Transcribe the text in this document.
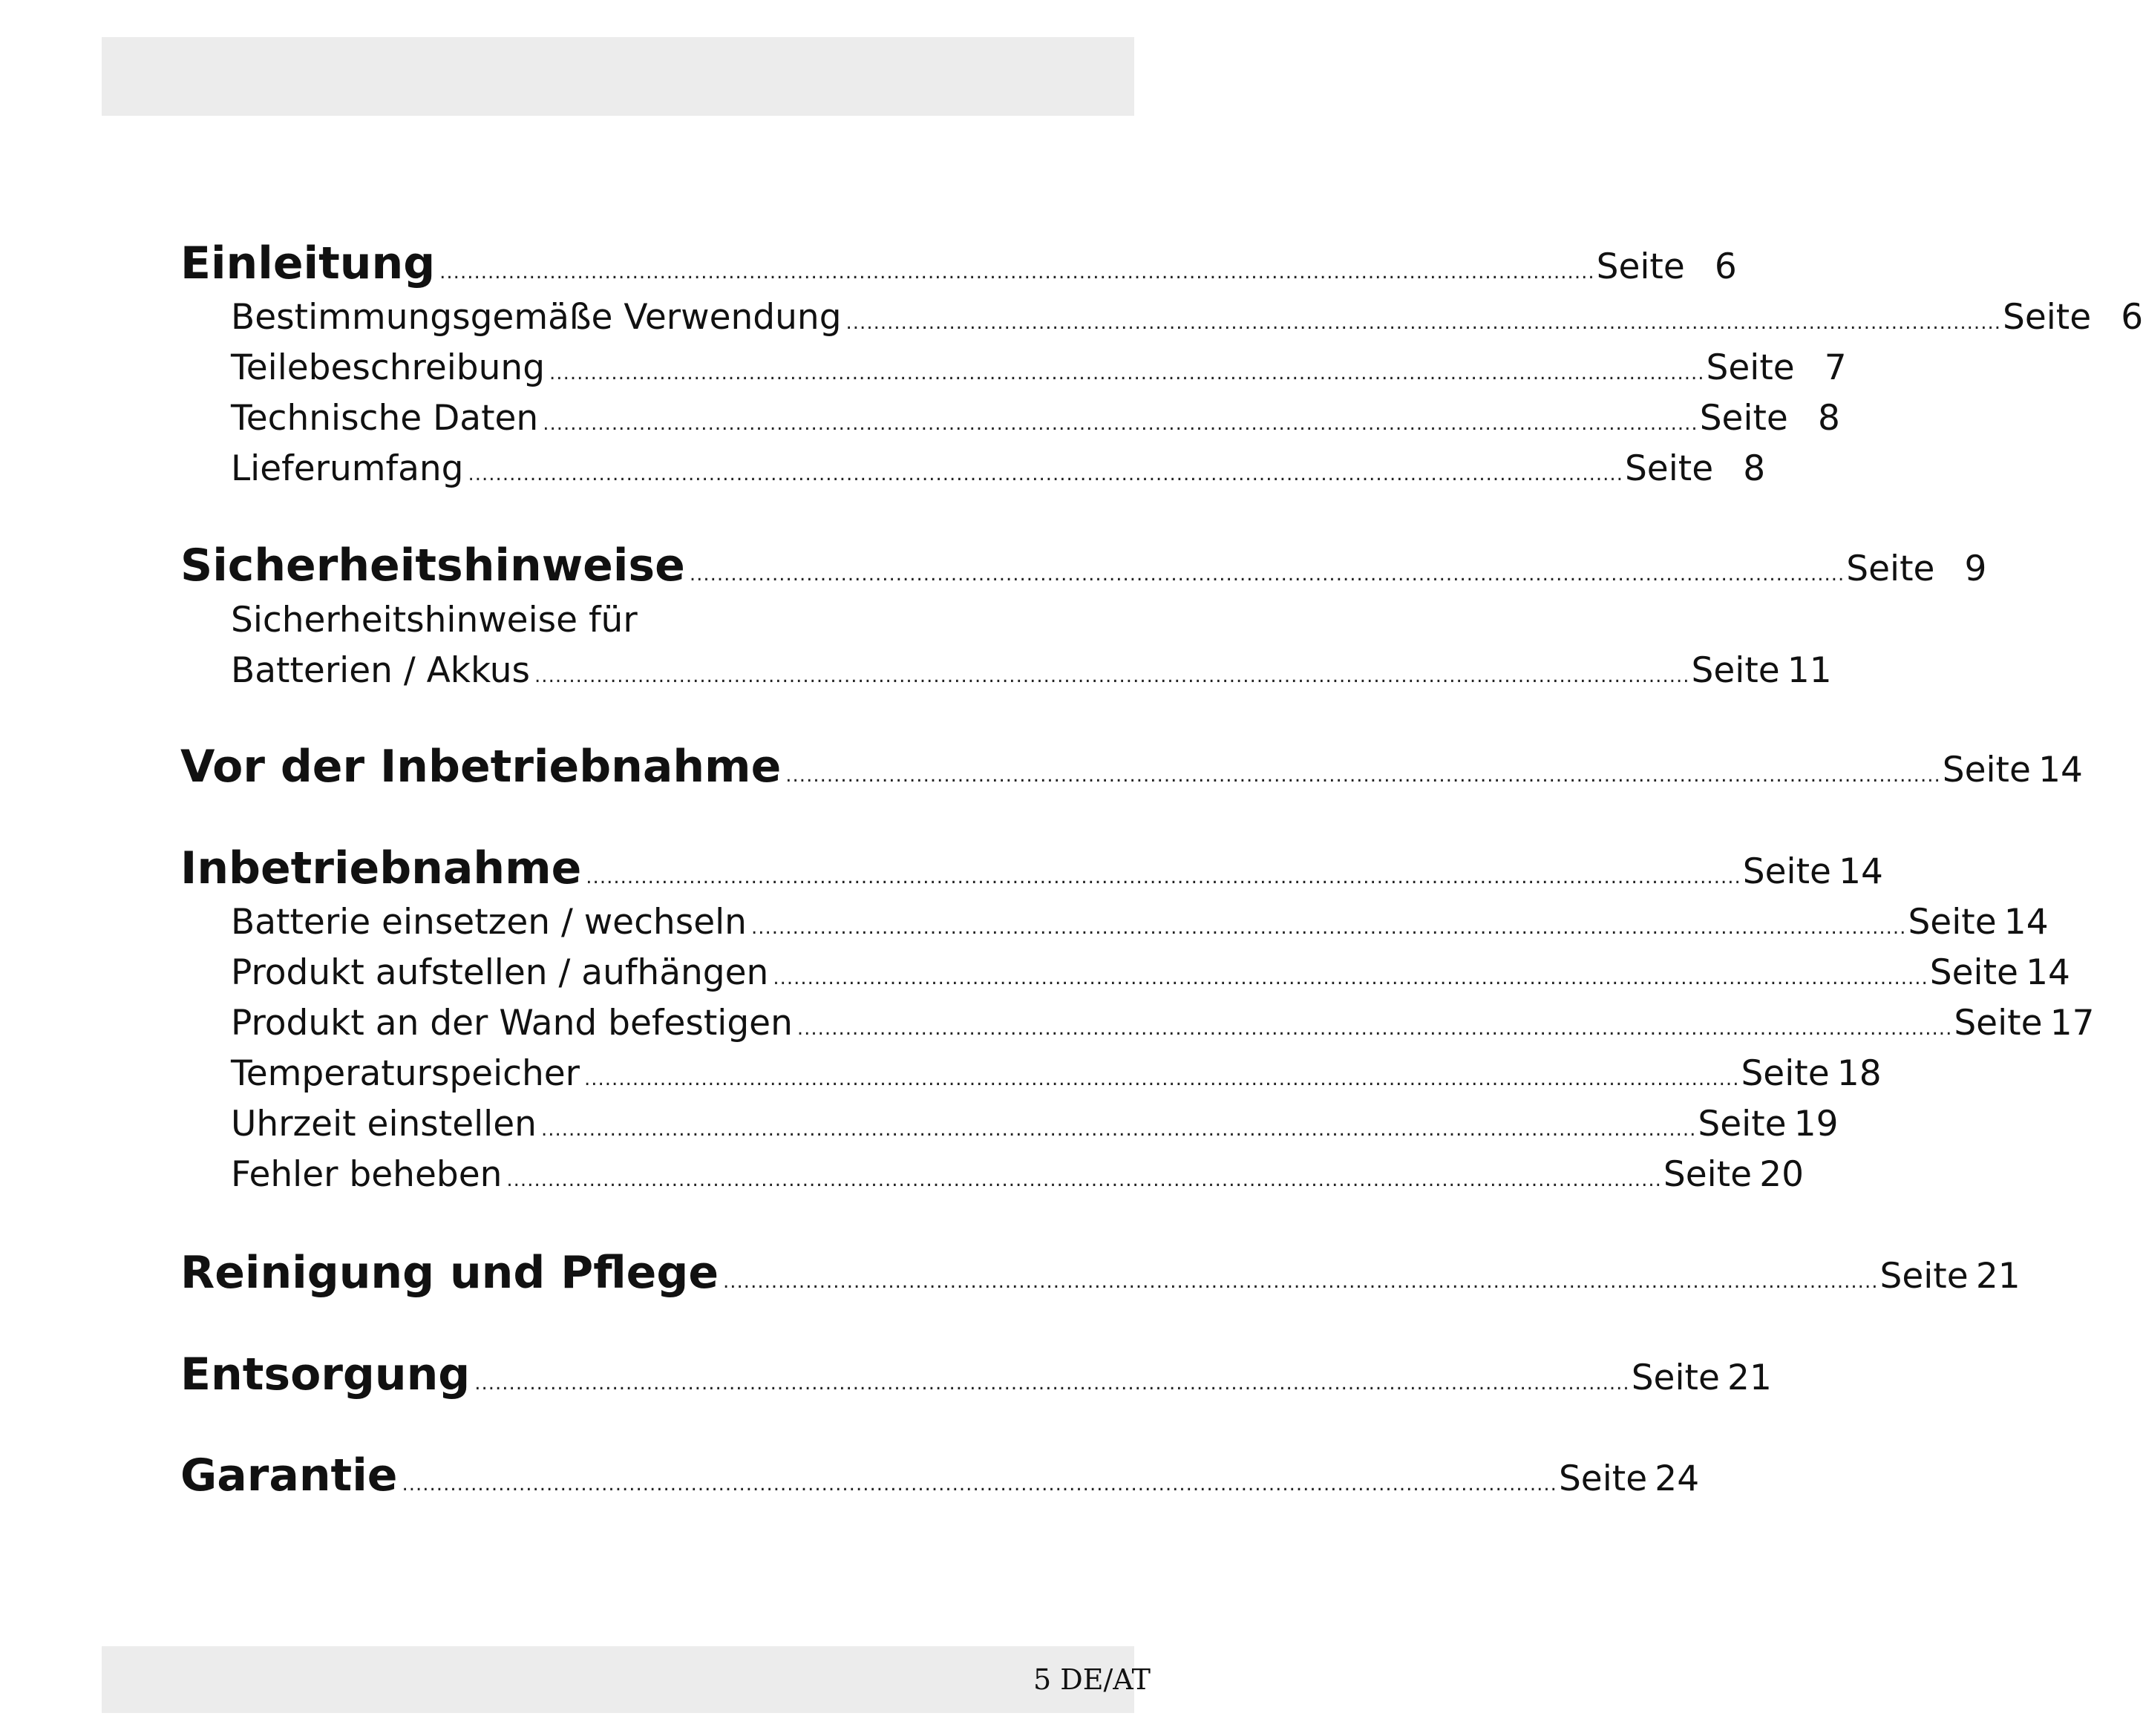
Einleitung .....	Seite 6
Bestimmungsgemäße Verwendung .....	Seite 6
Teilebeschreibung .....	Seite 7
Technische Daten .....	Seite 8
Lieferumfang .....	Seite 8
Sicherheitshinweise .....	Seite 9
Sicherheitshinweise für
Batterien / Akkus .....	Seite 11
Vor der Inbetriebnahme .....	Seite 14
Inbetriebnahme .....	Seite 14
Batterie einsetzen / wechseln .....	Seite 14
Produkt aufstellen / aufhängen .....	Seite 14
Produkt an der Wand befestigen .....	Seite 17
Temperaturspeicher .....	Seite 18
Uhrzeit einstellen .....	Seite 19
Fehler beheben .....	Seite 20
Reinigung und Pflege .....	Seite 21
Entsorgung .....	Seite 21
Garantie .....	Seite 24
5 DE/AT
